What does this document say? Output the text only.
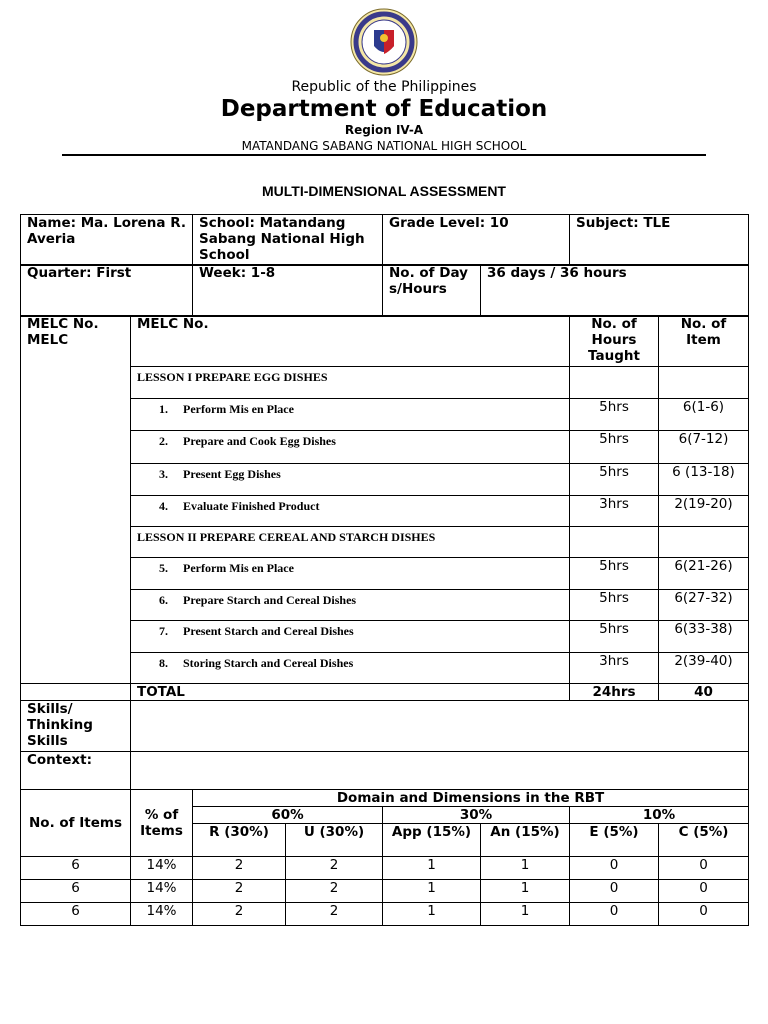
Republic of the Philippines
Department of Education
Region IV-A
MATANDANG SABANG NATIONAL HIGH SCHOOL
MULTI-DIMENSIONAL ASSESSMENT
Name: Ma. Lorena R. Averia	School: Matandang Sabang National High School	Grade Level: 10	Subject: TLE
Quarter: First	Week: 1-8	No. of Days/Hours	36 days / 36 hours
MELC No. MELC	MELC No.	No. of Hours Taught	No. of Item
	LESSON I PREPARE EGG DISHES		
	1. Perform Mis en Place	5hrs	6(1-6)
	2. Prepare and Cook Egg Dishes	5hrs	6(7-12)
	3. Present Egg Dishes	5hrs	6 (13-18)
	4. Evaluate Finished Product	3hrs	2(19-20)
	LESSON II PREPARE CEREAL AND STARCH DISHES		
	5. Perform Mis en Place	5hrs	6(21-26)
	6. Prepare Starch and Cereal Dishes	5hrs	6(27-32)
	7. Present Starch and Cereal Dishes	5hrs	6(33-38)
	8. Storing Starch and Cereal Dishes	3hrs	2(39-40)
	TOTAL	24hrs	40
Skills/ Thinking Skills			
Context:			
No. of Items	% of Items	Domain and Dimensions in the RBT					
		60%		30%		10%	
		R (30%)	U (30%)	App (15%)	An (15%)	E (5%)	C (5%)
6	14%	2	2	1	1	0	0
6	14%	2	2	1	1	0	0
6	14%	2	2	1	1	0	0
